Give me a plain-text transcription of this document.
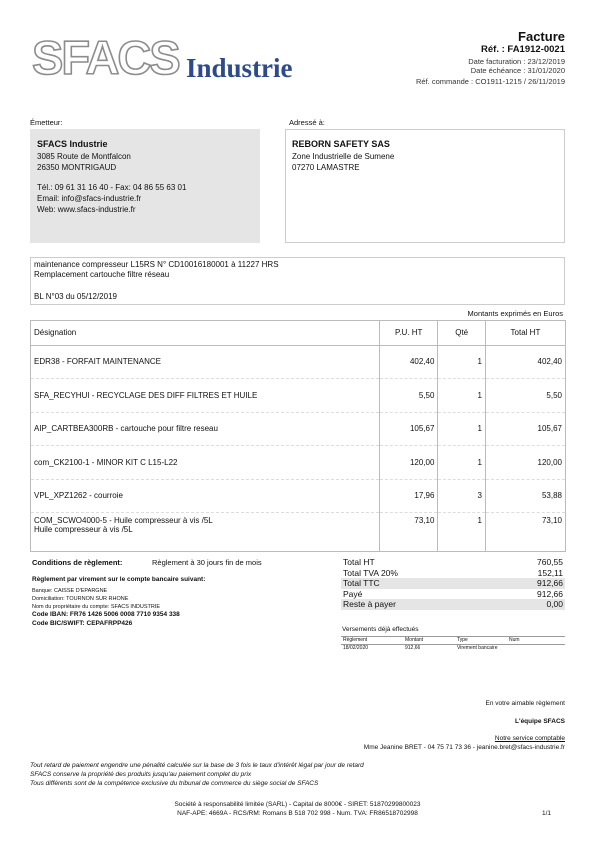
SFACS Industrie
Facture
Réf. : FA1912-0021
Date facturation : 23/12/2019
Date échéance : 31/01/2020
Réf. commande : CO1911-1215 / 26/11/2019
Émetteur:
SFACS Industrie
3085 Route de Montfalcon
26350 MONTRIGAUD
Tél.: 09 61 31 16 40 - Fax: 04 86 55 63 01
Email: info@sfacs-industrie.fr
Web: www.sfacs-industrie.fr
Adressé à:
REBORN SAFETY SAS
Zone Industrielle de Sumene
07270 LAMASTRE
maintenance compresseur L15RS N° CD10016180001 à 11227 HRS
Remplacement cartouche filtre réseau
BL N°03 du 05/12/2019
Montants exprimés en Euros
Désignation	P.U. HT	Qté	Total HT
EDR38 - FORFAIT MAINTENANCE	402,40	1	402,40
SFA_RECYHUI - RECYCLAGE DES DIFF FILTRES ET HUILE	5,50	1	5,50
AIP_CARTBEA300RB - cartouche pour filtre reseau	105,67	1	105,67
com_CK2100-1 - MINOR KIT C L15-L22	120,00	1	120,00
VPL_XPZ1262 - courroie	17,96	3	53,88

COM_SCWO4000-5 - Huile compresseur à vis /5L
Huile compresseur à vis /5L	73,10	1	73,10
Conditions de règlement:	Règlement à 30 jours fin de mois
Règlement par virement sur le compte bancaire suivant:
Banque: CAISSE D'EPARGNE
Domiciliation: TOURNON SUR RHONE
Nom du propriétaire du compte: SFACS INDUSTRIE
Code IBAN: FR76 1426 5006 0008 7710 9354 338
Code BIC/SWIFT: CEPAFRPP426
Total HT	760,55
Total TVA 20%	152,11
Total TTC	912,66
Payé	912,66
Reste à payer	0,00
Versements déjà effectués
Règlement	Montant	Type	Num
18/02/2020	912,66	Virement bancaire
En votre aimable règlement
L'équipe SFACS
Notre service comptable
Mme Jeanine BRET - 04 75 71 73 36 - jeanine.bret@sfacs-industrie.fr
Tout retard de paiement engendre une pénalité calculée sur la base de 3 fois le taux d'intérêt légal par jour de retard
SFACS conserve la propriété des produits jusqu'au paiement complet du prix
Tous différents sont de la compétence exclusive du tribunal de commerce du siège social de SFACS
Société à responsabilité limitée (SARL) - Capital de 8000€ - SIRET: 51870299800023
NAF-APE: 4669A - RCS/RM: Romans B 518 702 998 - Num. TVA: FR86518702998	1/1
